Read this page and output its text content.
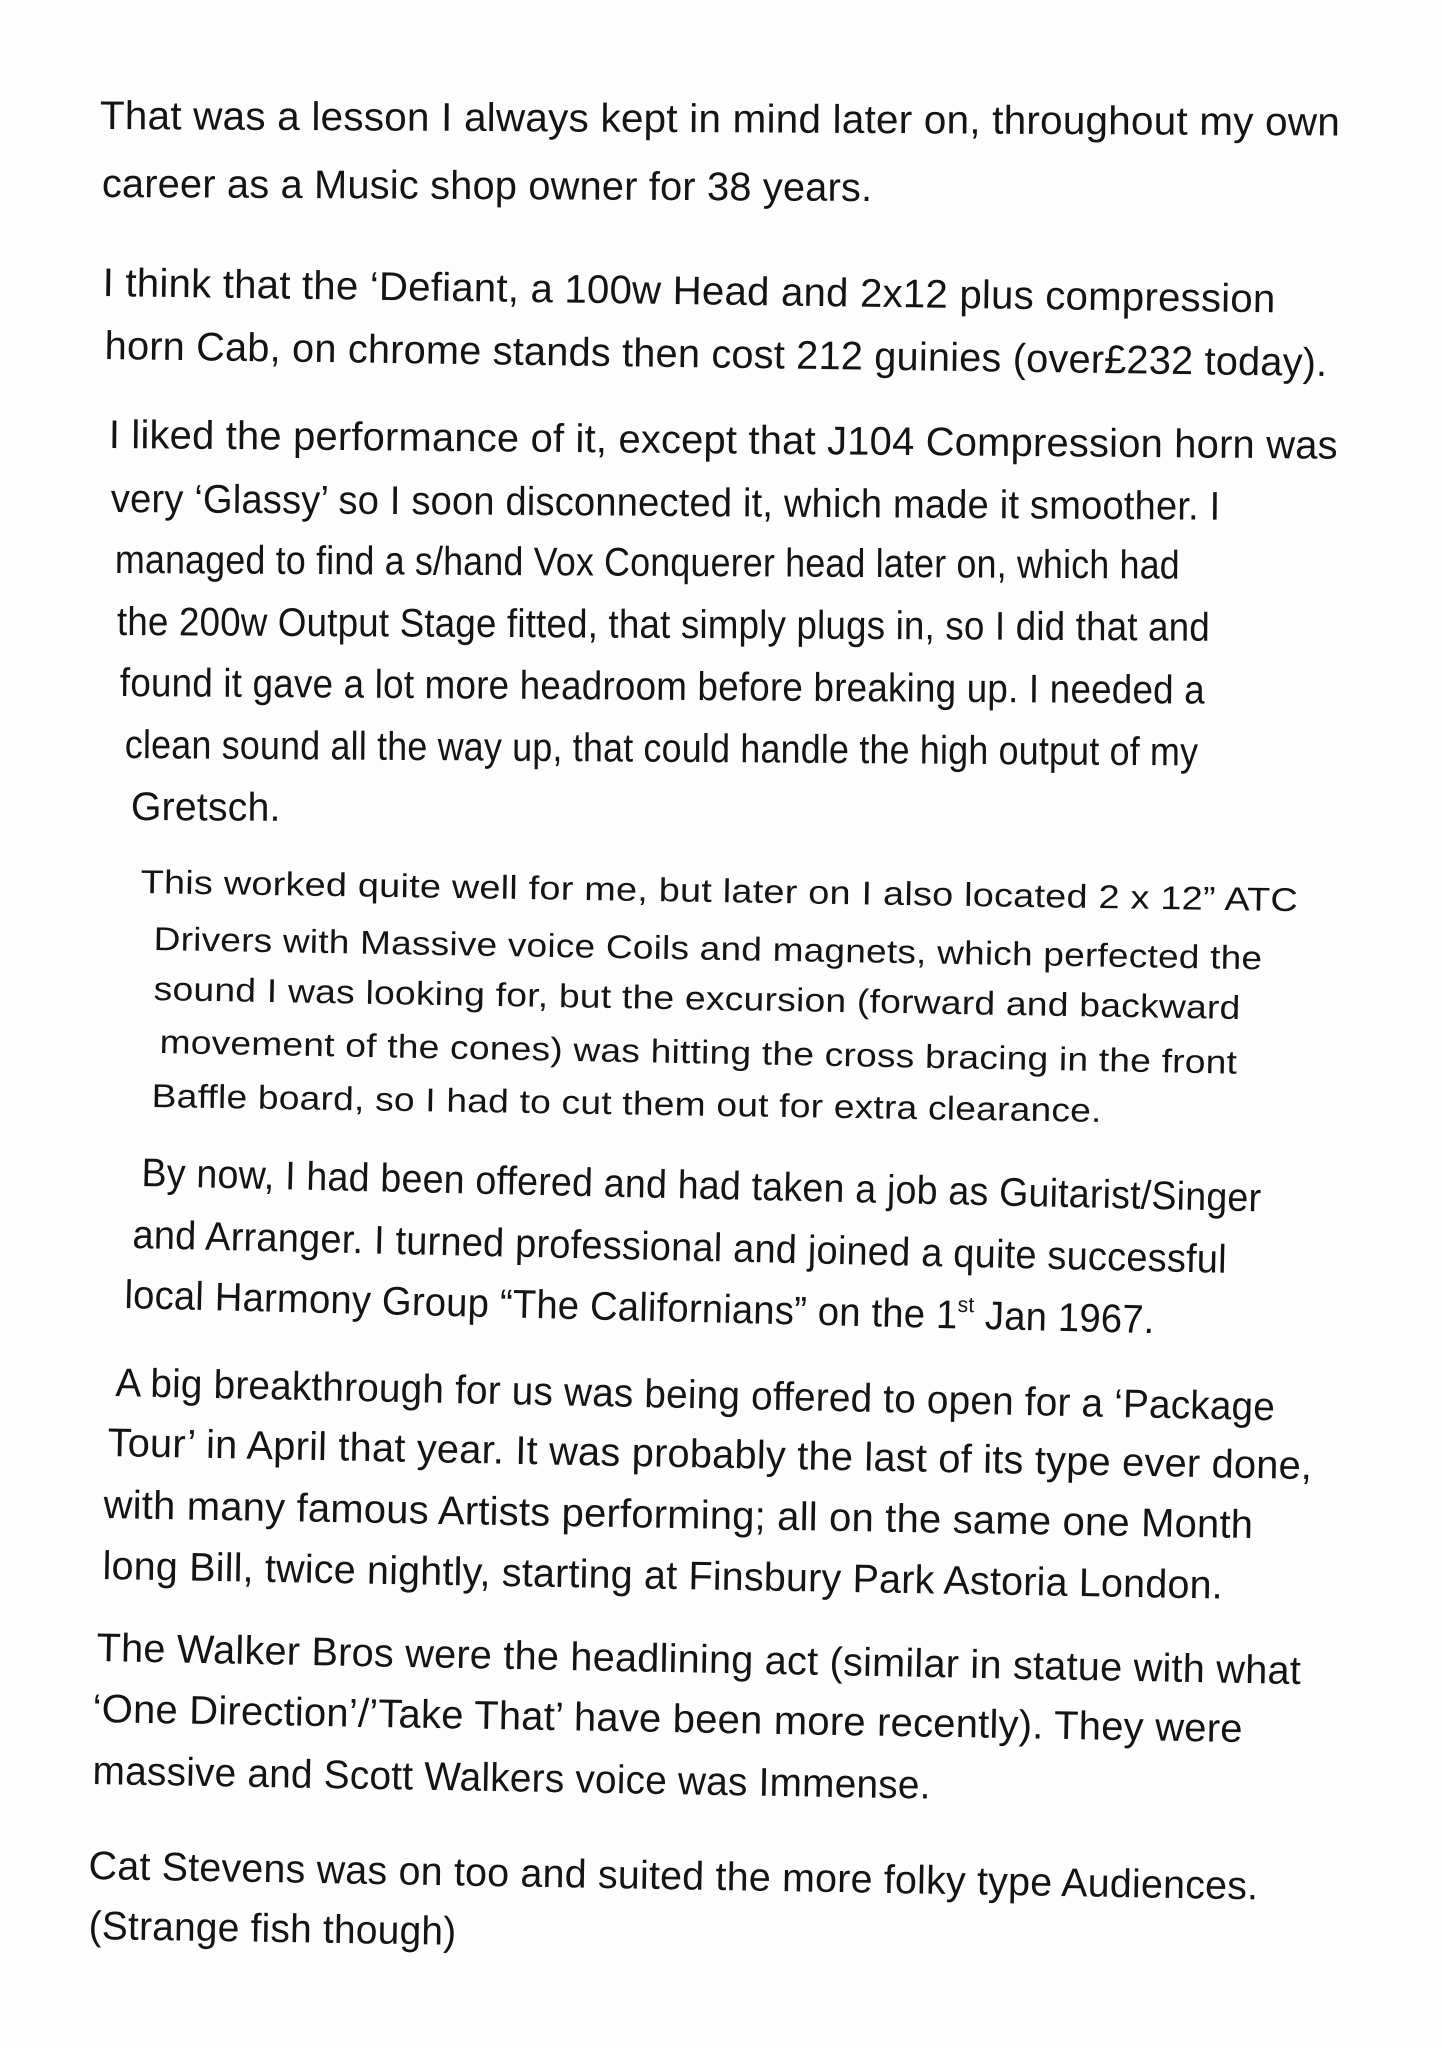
That was a lesson I always kept in mind later on, throughout my own
career as a Music shop owner for 38 years.
I think that the ‘Defiant, a 100w Head and 2x12 plus compression
horn Cab, on chrome stands then cost 212 guinies (over£232 today).
I liked the performance of it, except that J104 Compression horn was
very ‘Glassy’ so I soon disconnected it, which made it smoother. I
managed to find a s/hand Vox Conquerer head later on, which had
the 200w Output Stage fitted, that simply plugs in, so I did that and
found it gave a lot more headroom before breaking up. I needed a
clean sound all the way up, that could handle the high output of my
Gretsch.
This worked quite well for me, but later on I also located 2 x 12” ATC
Drivers with Massive voice Coils and magnets, which perfected the
sound I was looking for, but the excursion (forward and backward
movement of the cones) was hitting the cross bracing in the front
Baffle board, so I had to cut them out for extra clearance.
By now, I had been offered and had taken a job as Guitarist/Singer
and Arranger. I turned professional and joined a quite successful
local Harmony Group “The Californians” on the 1st Jan 1967.
A big breakthrough for us was being offered to open for a ‘Package
Tour’ in April that year. It was probably the last of its type ever done,
with many famous Artists performing; all on the same one Month
long Bill, twice nightly, starting at Finsbury Park Astoria London.
The Walker Bros were the headlining act (similar in statue with what
‘One Direction’/’Take That’ have been more recently). They were
massive and Scott Walkers voice was Immense.
Cat Stevens was on too and suited the more folky type Audiences.
(Strange fish though)
